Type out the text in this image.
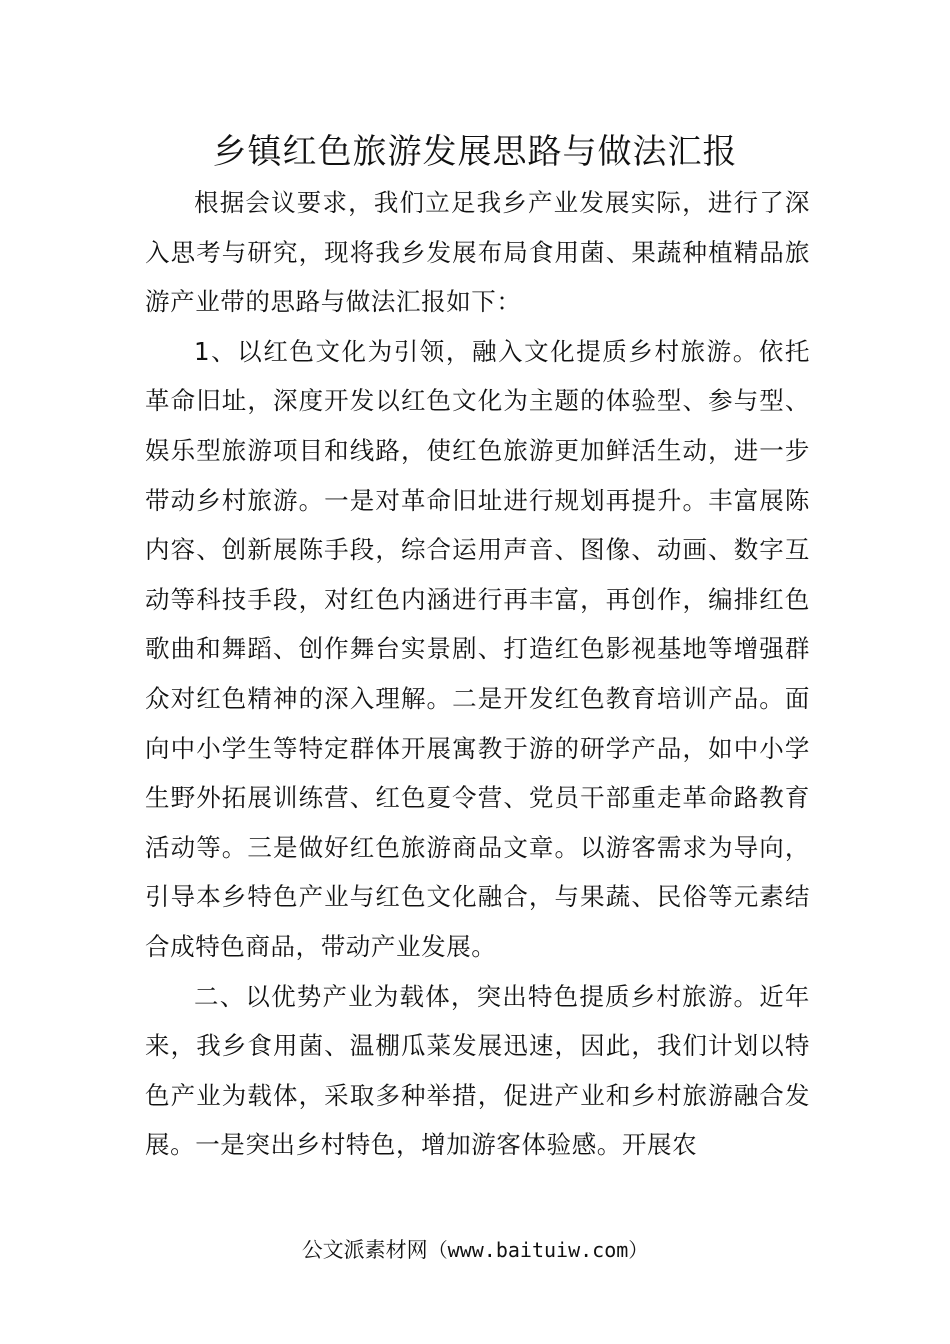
乡镇红色旅游发展思路与做法汇报

根据会议要求，我们立足我乡产业发展实际，进行了深入思考与研究，现将我乡发展布局食用菌、果蔬种植精品旅游产业带的思路与做法汇报如下：

1、以红色文化为引领，融入文化提质乡村旅游。依托革命旧址，深度开发以红色文化为主题的体验型、参与型、娱乐型旅游项目和线路，使红色旅游更加鲜活生动，进一步带动乡村旅游。一是对革命旧址进行规划再提升。丰富展陈内容、创新展陈手段，综合运用声音、图像、动画、数字互动等科技手段，对红色内涵进行再丰富，再创作，编排红色歌曲和舞蹈、创作舞台实景剧、打造红色影视基地等增强群众对红色精神的深入理解。二是开发红色教育培训产品。面向中小学生等特定群体开展寓教于游的研学产品，如中小学生野外拓展训练营、红色夏令营、党员干部重走革命路教育活动等。三是做好红色旅游商品文章。以游客需求为导向，引导本乡特色产业与红色文化融合，与果蔬、民俗等元素结合成特色商品，带动产业发展。

二、以优势产业为载体，突出特色提质乡村旅游。近年来，我乡食用菌、温棚瓜菜发展迅速，因此，我们计划以特色产业为载体，采取多种举措，促进产业和乡村旅游融合发展。一是突出乡村特色，增加游客体验感。开展农

公文派素材网（www.baituiw.com）
